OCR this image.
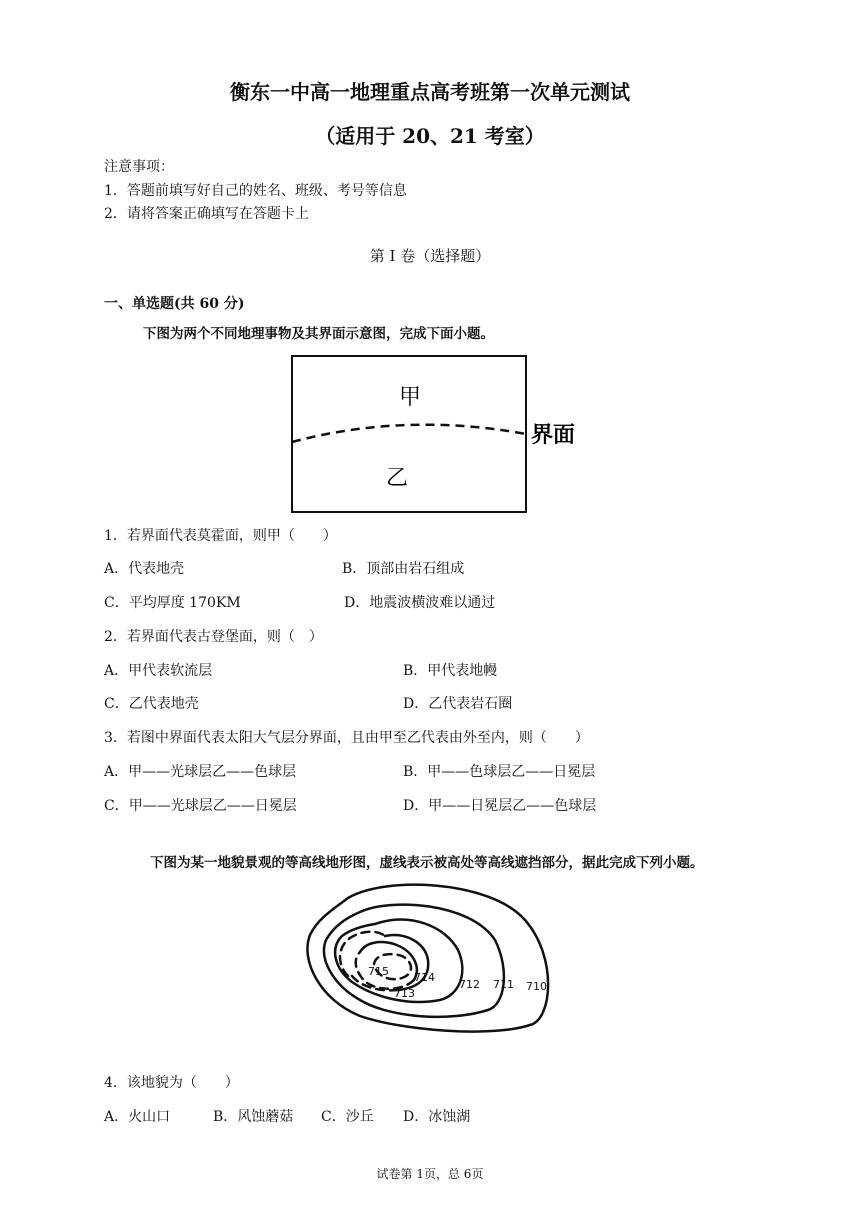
衡东一中高一地理重点高考班第一次单元测试
（适用于 20、21 考室）
注意事项：
1．答题前填写好自己的姓名、班级、考号等信息
2．请将答案正确填写在答题卡上
第 I 卷（选择题）
一、单选题(共 60 分)
下图为两个不同地理事物及其界面示意图，完成下面小题。
甲
乙
界面
1．若界面代表莫霍面，则甲（　　）
A．代表地壳	B．顶部由岩石组成
C．平均厚度 170KM	D．地震波横波难以通过
2．若界面代表古登堡面，则（　）
A．甲代表软流层	B．甲代表地幔
C．乙代表地壳	D．乙代表岩石圈
3．若图中界面代表太阳大气层分界面，且由甲至乙代表由外至内，则（　　）
A．甲——光球层乙——色球层	B．甲——色球层乙——日冕层
C．甲——光球层乙——日冕层	D．甲——日冕层乙——色球层
下图为某一地貌景观的等高线地形图，虚线表示被高处等高线遮挡部分，据此完成下列小题。
715 714
713
712 711 710
4．该地貌为（　　）
A．火山口	B．风蚀蘑菇 C．沙丘 D．冰蚀湖
试卷第 1页，总 6页
